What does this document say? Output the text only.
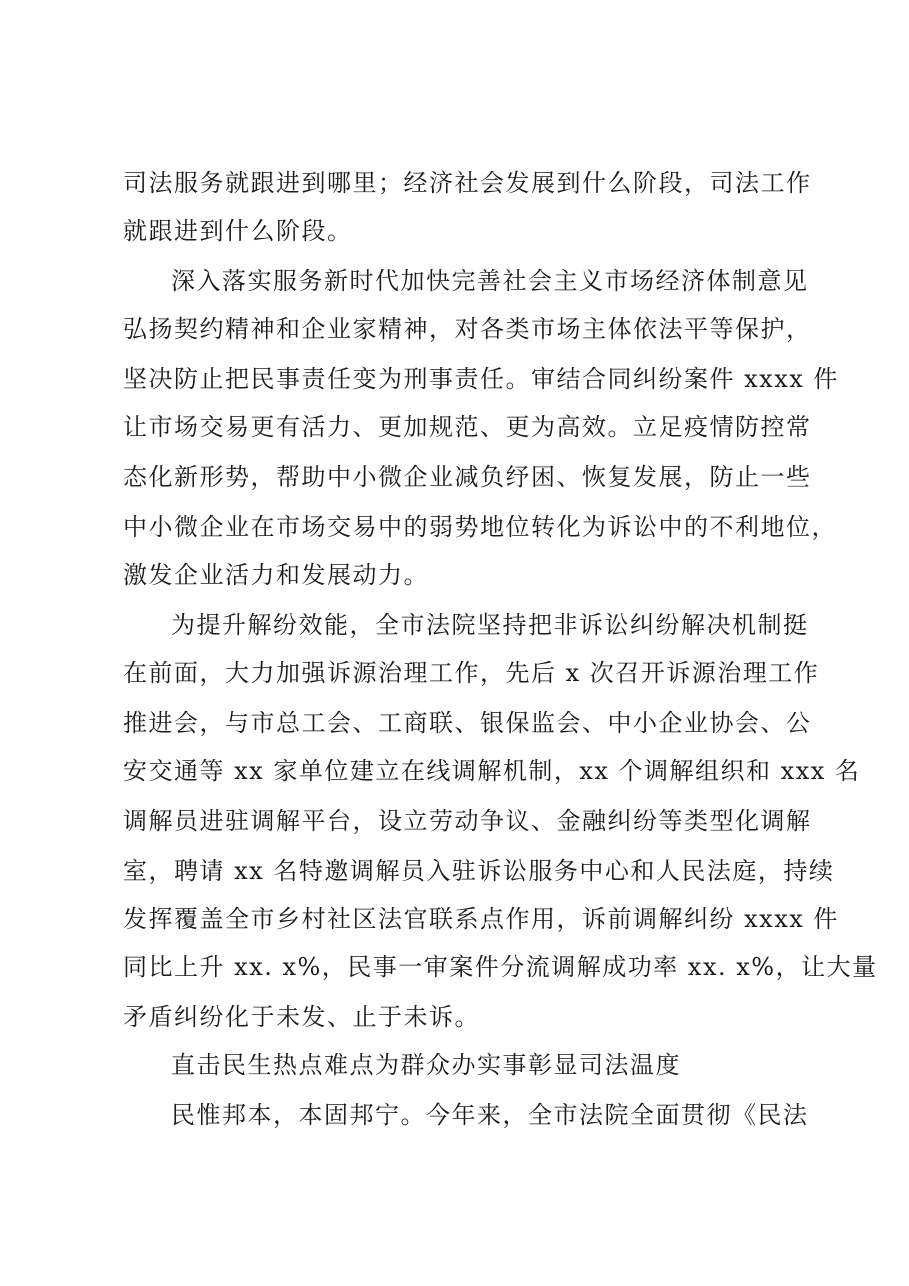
司法服务就跟进到哪里；经济社会发展到什么阶段，司法工作
就跟进到什么阶段。
深入落实服务新时代加快完善社会主义市场经济体制意见
弘扬契约精神和企业家精神，对各类市场主体依法平等保护，
坚决防止把民事责任变为刑事责任。审结合同纠纷案件 xxxx 件
让市场交易更有活力、更加规范、更为高效。立足疫情防控常
态化新形势，帮助中小微企业减负纾困、恢复发展，防止一些
中小微企业在市场交易中的弱势地位转化为诉讼中的不利地位，
激发企业活力和发展动力。
为提升解纷效能，全市法院坚持把非诉讼纠纷解决机制挺
在前面，大力加强诉源治理工作，先后 x 次召开诉源治理工作
推进会，与市总工会、工商联、银保监会、中小企业协会、公
安交通等 xx 家单位建立在线调解机制，xx 个调解组织和 xxx 名
调解员进驻调解平台，设立劳动争议、金融纠纷等类型化调解
室，聘请 xx 名特邀调解员入驻诉讼服务中心和人民法庭，持续
发挥覆盖全市乡村社区法官联系点作用，诉前调解纠纷 xxxx 件
同比上升 xx. x%，民事一审案件分流调解成功率 xx. x%，让大量
矛盾纠纷化于未发、止于未诉。
直击民生热点难点为群众办实事彰显司法温度
民惟邦本，本固邦宁。今年来，全市法院全面贯彻《民法
